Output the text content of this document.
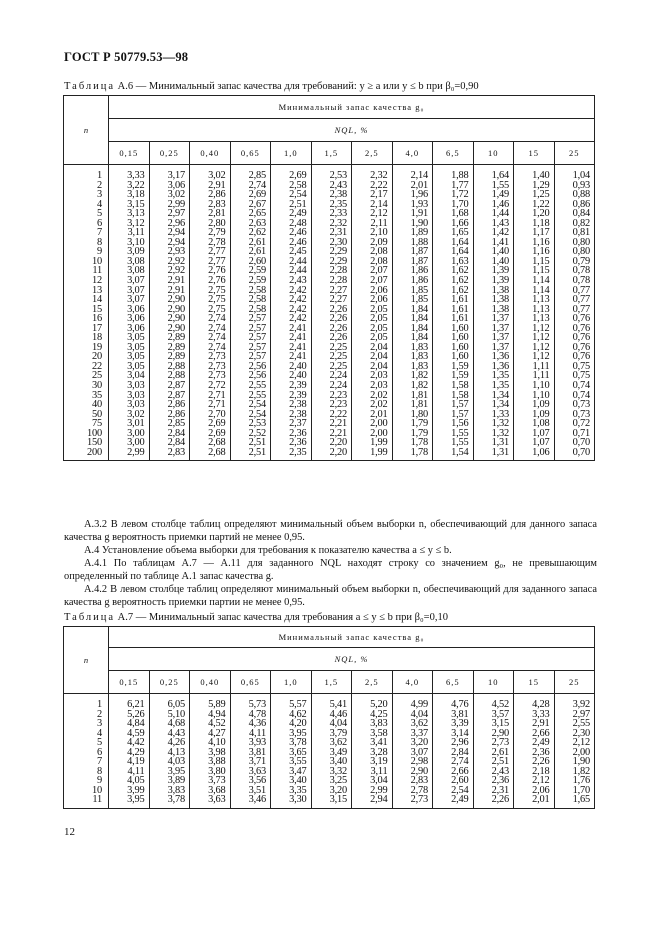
ГОСТ Р 50779.53—98
Таблица А.6 — Минимальный запас качества для требований: y ≥ a или y ≤ b при β₀=0,90
n	Минимальный запас качества g₀											
	NQL, %											
	0,15	0,25	0,40	0,65	1,0	1,5	2,5	4,0	6,5	10	15	25
1	3,33	3,17	3,02	2,85	2,69	2,53	2,32	2,14	1,88	1,64	1,40	1,04
2	3,22	3,06	2,91	2,74	2,58	2,43	2,22	2,01	1,77	1,55	1,29	0,93
3	3,18	3,02	2,86	2,69	2,54	2,38	2,17	1,96	1,72	1,49	1,25	0,88
4	3,15	2,99	2,83	2,67	2,51	2,35	2,14	1,93	1,70	1,46	1,22	0,86
5	3,13	2,97	2,81	2,65	2,49	2,33	2,12	1,91	1,68	1,44	1,20	0,84
6	3,12	2,96	2,80	2,63	2,48	2,32	2,11	1,90	1,66	1,43	1,18	0,82
7	3,11	2,94	2,79	2,62	2,46	2,31	2,10	1,89	1,65	1,42	1,17	0,81
8	3,10	2,94	2,78	2,61	2,46	2,30	2,09	1,88	1,64	1,41	1,16	0,80
9	3,09	2,93	2,77	2,61	2,45	2,29	2,08	1,87	1,64	1,40	1,16	0,80
10	3,08	2,92	2,77	2,60	2,44	2,29	2,08	1,87	1,63	1,40	1,15	0,79
11	3,08	2,92	2,76	2,59	2,44	2,28	2,07	1,86	1,62	1,39	1,15	0,78
12	3,07	2,91	2,76	2,59	2,43	2,28	2,07	1,86	1,62	1,39	1,14	0,78
13	3,07	2,91	2,75	2,58	2,42	2,27	2,06	1,85	1,62	1,38	1,14	0,77
14	3,07	2,90	2,75	2,58	2,42	2,27	2,06	1,85	1,61	1,38	1,13	0,77
15	3,06	2,90	2,75	2,58	2,42	2,26	2,05	1,84	1,61	1,38	1,13	0,77
16	3,06	2,90	2,74	2,57	2,42	2,26	2,05	1,84	1,61	1,37	1,13	0,76
17	3,06	2,90	2,74	2,57	2,41	2,26	2,05	1,84	1,60	1,37	1,12	0,76
18	3,05	2,89	2,74	2,57	2,41	2,26	2,05	1,84	1,60	1,37	1,12	0,76
19	3,05	2,89	2,74	2,57	2,41	2,25	2,04	1,83	1,60	1,37	1,12	0,76
20	3,05	2,89	2,73	2,57	2,41	2,25	2,04	1,83	1,60	1,36	1,12	0,76
22	3,05	2,88	2,73	2,56	2,40	2,25	2,04	1,83	1,59	1,36	1,11	0,75
25	3,04	2,88	2,73	2,56	2,40	2,24	2,03	1,82	1,59	1,35	1,11	0,75
30	3,03	2,87	2,72	2,55	2,39	2,24	2,03	1,82	1,58	1,35	1,10	0,74
35	3,03	2,87	2,71	2,55	2,39	2,23	2,02	1,81	1,58	1,34	1,10	0,74
40	3,03	2,86	2,71	2,54	2,38	2,23	2,02	1,81	1,57	1,34	1,09	0,73
50	3,02	2,86	2,70	2,54	2,38	2,22	2,01	1,80	1,57	1,33	1,09	0,73
75	3,01	2,85	2,69	2,53	2,37	2,21	2,00	1,79	1,56	1,32	1,08	0,72
100	3,00	2,84	2,69	2,52	2,36	2,21	2,00	1,79	1,55	1,32	1,07	0,71
150	3,00	2,84	2,68	2,51	2,36	2,20	1,99	1,78	1,55	1,31	1,07	0,70
200	2,99	2,83	2,68	2,51	2,35	2,20	1,99	1,78	1,54	1,31	1,06	0,70
А.3.2 В левом столбце таблиц определяют минимальный объем выборки n, обеспечивающий для данного запаса качества g вероятность приемки партий не менее 0,95.
А.4 Установление объема выборки для требования к показателю качества a ≤ y ≤ b.
А.4.1 По таблицам А.7 — А.11 для заданного NQL находят строку со значением g₀, не превышающим определенный по таблице А.1 запас качества g.
А.4.2 В левом столбце таблиц определяют минимальный объем выборки n, обеспечивающий для заданного запаса качества g вероятность приемки партии не менее 0,95.
Таблица А.7 — Минимальный запас качества для требования a ≤ y ≤ b при β₀=0,10
n	Минимальный запас качества g₀											
	NQL, %											
	0,15	0,25	0,40	0,65	1,0	1,5	2,5	4,0	6,5	10	15	25
1	6,21	6,05	5,89	5,73	5,57	5,41	5,20	4,99	4,76	4,52	4,28	3,92
2	5,26	5,10	4,94	4,78	4,62	4,46	4,25	4,04	3,81	3,57	3,33	2,97
3	4,84	4,68	4,52	4,36	4,20	4,04	3,83	3,62	3,39	3,15	2,91	2,55
4	4,59	4,43	4,27	4,11	3,95	3,79	3,58	3,37	3,14	2,90	2,66	2,30
5	4,42	4,26	4,10	3,93	3,78	3,62	3,41	3,20	2,96	2,73	2,49	2,12
6	4,29	4,13	3,98	3,81	3,65	3,49	3,28	3,07	2,84	2,61	2,36	2,00
7	4,19	4,03	3,88	3,71	3,55	3,40	3,19	2,98	2,74	2,51	2,26	1,90
8	4,11	3,95	3,80	3,63	3,47	3,32	3,11	2,90	2,66	2,43	2,18	1,82
9	4,05	3,89	3,73	3,56	3,40	3,25	3,04	2,83	2,60	2,36	2,12	1,76
10	3,99	3,83	3,68	3,51	3,35	3,20	2,99	2,78	2,54	2,31	2,06	1,70
11	3,95	3,78	3,63	3,46	3,30	3,15	2,94	2,73	2,49	2,26	2,01	1,65
12
